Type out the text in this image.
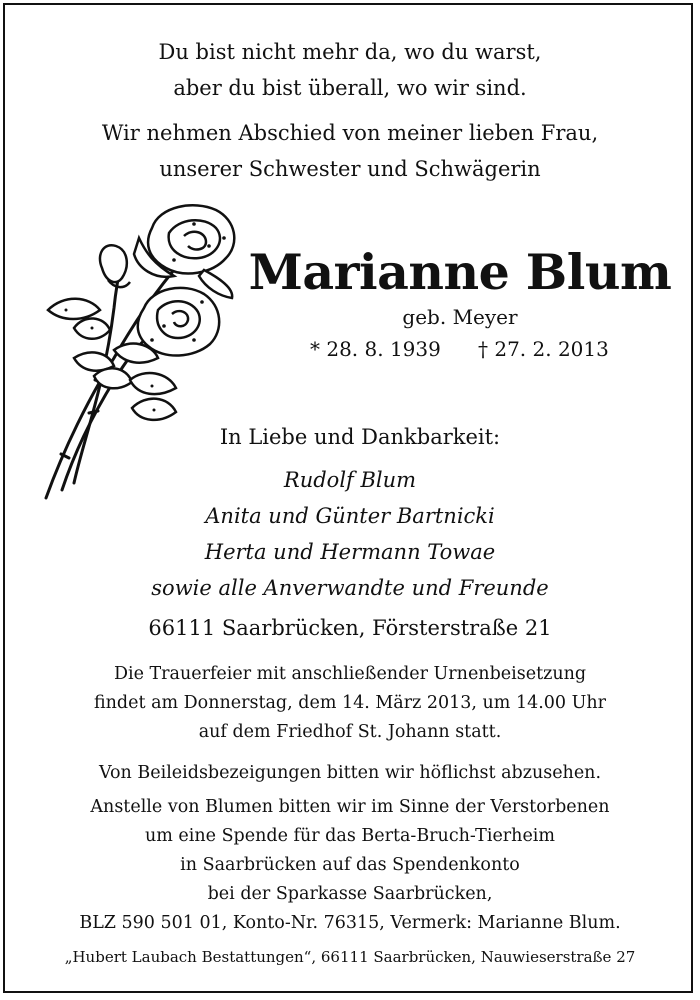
Du bist nicht mehr da, wo du warst,
aber du bist überall, wo wir sind.
Wir nehmen Abschied von meiner lieben Frau,
unserer Schwester und Schwägerin
Marianne Blum
geb. Meyer
* 28. 8. 1939 † 27. 2. 2013
In Liebe und Dankbarkeit:
Rudolf Blum
Anita und Günter Bartnicki
Herta und Hermann Towae
sowie alle Anverwandte und Freunde
66111 Saarbrücken, Försterstraße 21
Die Trauerfeier mit anschließender Urnenbeisetzung
findet am Donnerstag, dem 14. März 2013, um 14.00 Uhr
auf dem Friedhof St. Johann statt.
Von Beileidsbezeigungen bitten wir höflichst abzusehen.
Anstelle von Blumen bitten wir im Sinne der Verstorbenen
um eine Spende für das Berta-Bruch-Tierheim
in Saarbrücken auf das Spendenkonto
bei der Sparkasse Saarbrücken,
BLZ 590 501 01, Konto-Nr. 76315, Vermerk: Marianne Blum.
„Hubert Laubach Bestattungen“, 66111 Saarbrücken, Nauwieserstraße 27
